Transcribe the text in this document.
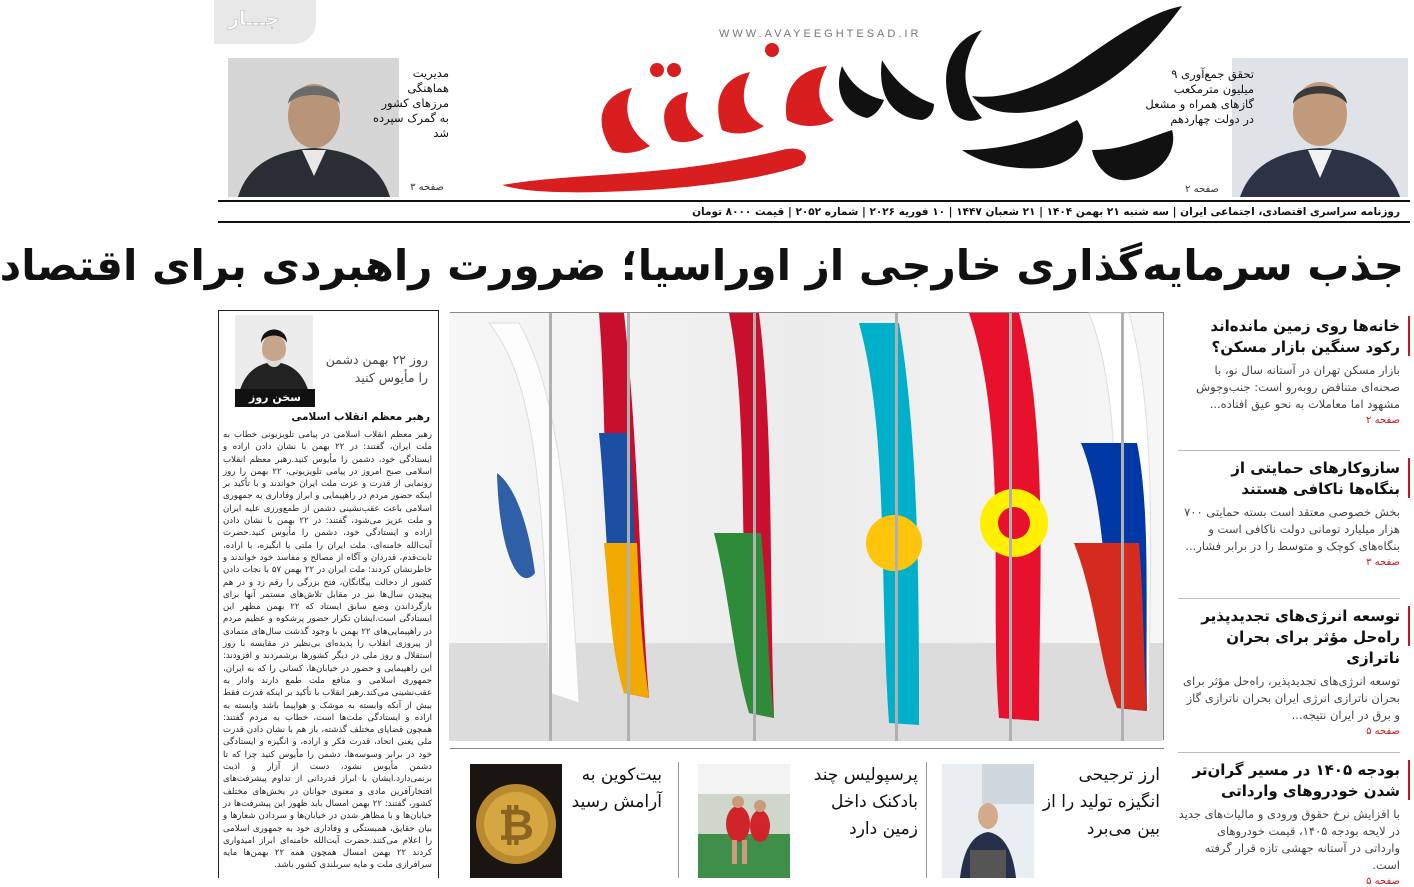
جـــار
WWW.AVAYEEGHTESAD.IR
مدیریت هماهنگی مرزهای کشور به گمرک سپرده شد
صفحه ۳
تحقق جمع‌آوری ۹ میلیون مترمکعب گازهای همراه و مشعل در دولت چهاردهم
صفحه ۲
روزنامه سراسری اقتصادی، اجتماعی ایران | سه شنبه ۲۱ بهمن ۱۴۰۴ | ۲۱ شعبان ۱۴۴۷ | ۱۰ فوریه ۲۰۲۶ | شماره ۲۰۵۲ | قیمت ۸۰۰۰ تومان
جذب سرمایه‌گذاری خارجی از اوراسیا؛ ضرورت راهبردی برای اقتصاد
سخن روز
روز ۲۲ بهمن دشمن را مأیوس کنید
رهبر معظم انقلاب اسلامی
رهبر معظم انقلاب اسلامی در پیامی تلویزیونی خطاب به ملت ایران، گفتند: در ۲۲ بهمن با نشان دادن اراده و ایستادگی خود، دشمن را مأیوس کنید.رهبر معظم انقلاب اسلامی صبح امروز در پیامی تلویزیونی، ۲۲ بهمن را روز رونمایی از قدرت و عزت ملت ایران خواندند و با تأکید بر اینکه حضور مردم در راهپیمایی و ابراز وفاداری به جمهوری اسلامی باعث عقب‌نشینی دشمن از طمع‌ورزی علیه ایران و ملت عزیز می‌شود، گفتند: در ۲۲ بهمن با نشان دادن اراده و ایستادگی خود، دشمن را مأیوس کنید.حضرت آیت‌الله خامنه‌ای، ملت ایران را ملتی با انگیزه، با اراده، ثابت‌قدم، قدردان و آگاه از مصالح و مفاسد خود خواندند و خاطرنشان کردند: ملت ایران در ۲۲ بهمن ۵۷ با نجات دادن کشور از دخالت بیگانگان، فتح بزرگی را رقم زد و در هم پیچیدن سال‌ها نیز در مقابل تلاش‌های مستمر آنها برای بازگرداندن وضع سابق ایستاد که ۲۲ بهمن مظهر این ایستادگی است.ایشان تکرار حضور پرشکوه و عظیم مردم در راهپیمایی‌های ۲۲ بهمن با وجود گذشت سال‌های متمادی از پیروزی انقلاب را پدیده‌ای بی‌نظیر در مقایسه با روز استقلال و روز ملی در دیگر کشورها برشمردند و افزودند: این راهپیمایی و حضور در خیابان‌ها، کسانی را که به ایران، جمهوری اسلامی و منافع ملت طمع دارند وادار به عقب‌نشینی می‌کند.رهبر انقلاب با تأکید بر اینکه قدرت فقط بیش از آنکه وابسته به موشک و هواپیما باشد وابسته به اراده و ایستادگی ملت‌ها است، خطاب به مردم گفتند: همچون قضایای مختلف گذشته، باز هم با نشان دادن قدرت ملی یعنی اتحاد، قدرت فکر و اراده، و انگیزه و ایستادگی خود در برابر وسوسه‌ها، دشمن را مأیوس کنید چرا که تا دشمن مأیوس نشود، دست از آزار و اذیت برنمی‌دارد.ایشان با ابراز قدردانی از تداوم پیشرفت‌های افتخارآفرین مادی و معنوی جوانان در بخش‌های مختلف کشور، گفتند: ۲۲ بهمن امسال باید ظهور این پیشرفت‌ها در خیابان‌ها و با مظاهر شدن در خیابان‌ها و سردادن شعارها و بیان حقایق، همبستگی و وفاداری خود به جمهوری اسلامی را اعلام می‌کنند.حضرت آیت‌الله خامنه‌ای ابراز امیدواری کردند ۲۲ بهمن امسال همچون همه ۲۲ بهمن‌ها مایه سرافرازی ملت و مایه سربلندی کشور باشد.
خانه‌ها روی زمین مانده‌اند رکود سنگین بازار مسکن؟

بازار مسکن تهران در آستانه سال نو، با صحنه‌ای متناقض روبه‌رو است: جنب‌وجوش مشهود اما معاملات به نحو عیق افتاده...

صفحه ۲
سازوکارهای حمایتی از بنگاه‌ها ناکافی هستند

بخش خصوصی معتقد است بسته حمایتی ۷۰۰ هزار میلیارد تومانی دولت ناکافی است و بنگاه‌های کوچک و متوسط را در برابر فشار...

صفحه ۳
توسعه انرژی‌های تجدیدپذیر راه‌حل مؤثر برای بحران ناترازی

توسعه انرژی‌های تجدیدپذیر، راه‌حل مؤثر برای بحران ناترازی انرژی ایران بحران ناترازی گاز و برق در ایران نتیجه...

صفحه ۵
بودجه ۱۴۰۵ در مسیر گران‌تر شدن خودروهای وارداتی

با افزایش نرخ حقوق ورودی و مالیات‌های جدید در لایحه بودجه ۱۴۰۵، قیمت خودروهای وارداتی در آستانه جهشی تازه قرار گرفته است.

صفحه ۵
ارز ترجیحی انگیزه تولید را از بین می‌برد
پرسپولیس چند بادکنک داخل زمین دارد
بیت‌کوین به آرامش رسید
₿
